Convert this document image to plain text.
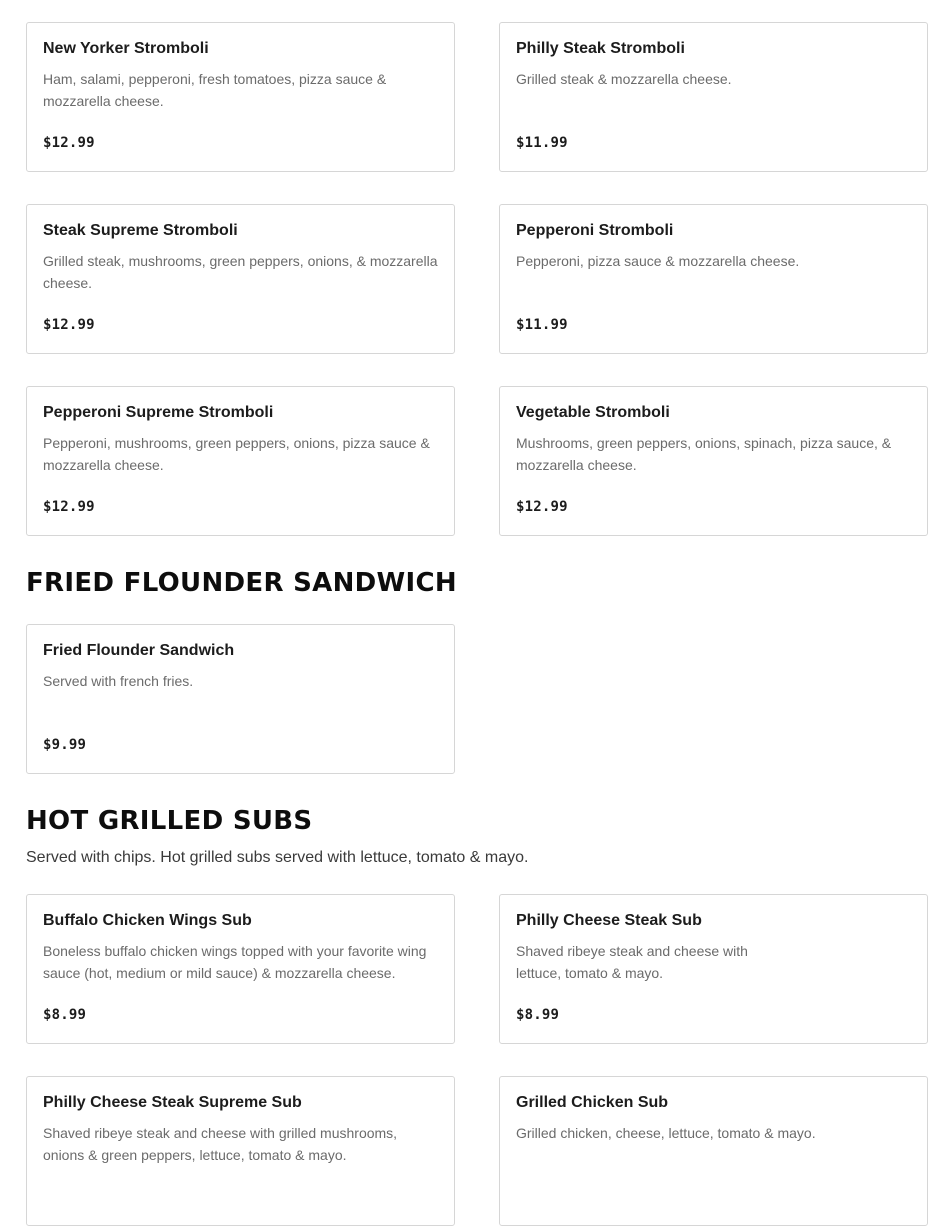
New Yorker Stromboli
Ham, salami, pepperoni, fresh tomatoes, pizza sauce & mozzarella cheese.
$12.99
Philly Steak Stromboli
Grilled steak & mozzarella cheese.
$11.99
Steak Supreme Stromboli
Grilled steak, mushrooms, green peppers, onions, & mozzarella cheese.
$12.99
Pepperoni Stromboli
Pepperoni, pizza sauce & mozzarella cheese.
$11.99
Pepperoni Supreme Stromboli
Pepperoni, mushrooms, green peppers, onions, pizza sauce & mozzarella cheese.
$12.99
Vegetable Stromboli
Mushrooms, green peppers, onions, spinach, pizza sauce, & mozzarella cheese.
$12.99
FRIED FLOUNDER SANDWICH
Fried Flounder Sandwich
Served with french fries.
$9.99
HOT GRILLED SUBS
Served with chips. Hot grilled subs served with lettuce, tomato & mayo.
Buffalo Chicken Wings Sub
Boneless buffalo chicken wings topped with your favorite wing sauce (hot, medium or mild sauce) & mozzarella cheese.
$8.99
Philly Cheese Steak Sub
Shaved ribeye steak and cheese with lettuce, tomato & mayo.
$8.99
Philly Cheese Steak Supreme Sub
Shaved ribeye steak and cheese with grilled mushrooms, onions & green peppers, lettuce, tomato & mayo.
Grilled Chicken Sub
Grilled chicken, cheese, lettuce, tomato & mayo.
